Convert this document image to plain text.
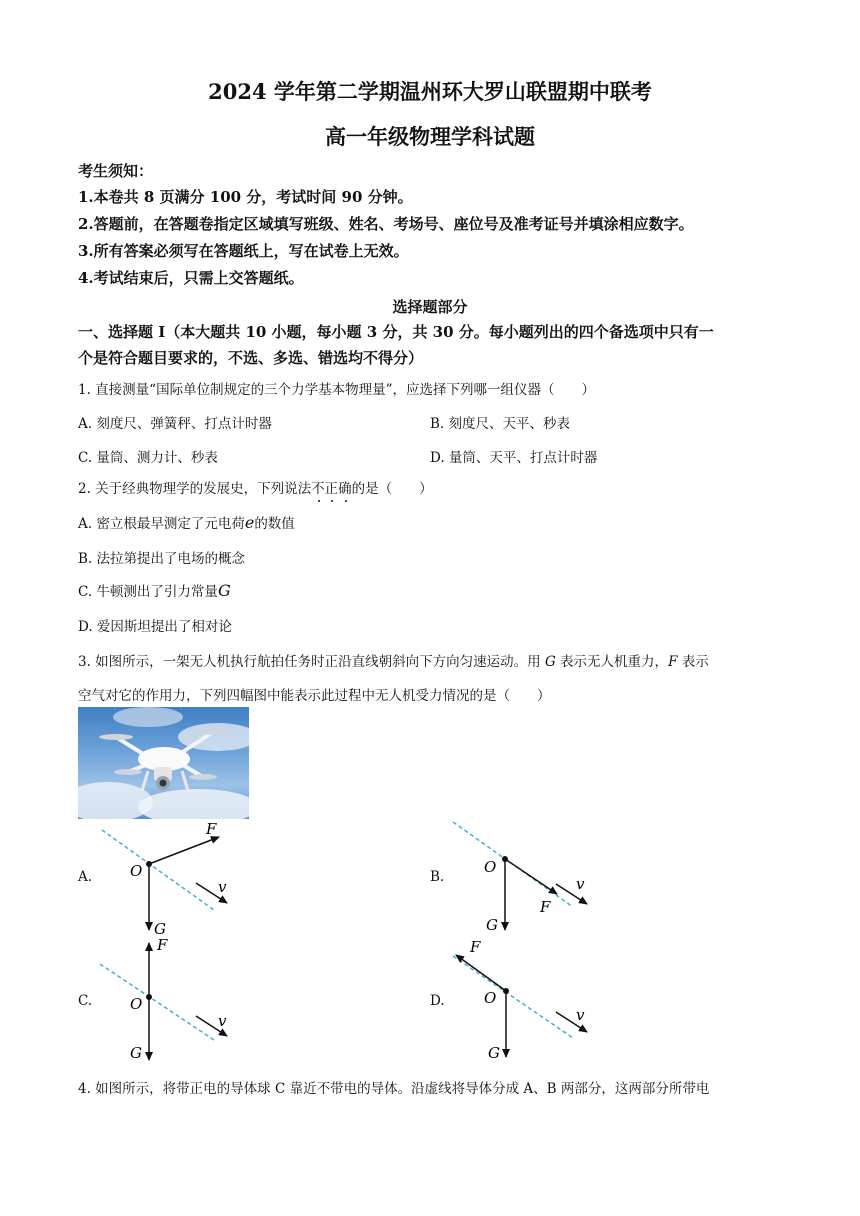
2024 学年第二学期温州环大罗山联盟期中联考
高一年级物理学科试题
考生须知：
1.本卷共 8 页满分 100 分，考试时间 90 分钟。
2.答题前，在答题卷指定区域填写班级、姓名、考场号、座位号及准考证号并填涂相应数字。
3.所有答案必须写在答题纸上，写在试卷上无效。
4.考试结束后，只需上交答题纸。
选择题部分
一、选择题 I（本大题共 10 小题，每小题 3 分，共 30 分。每小题列出的四个备选项中只有一
个是符合题目要求的，不选、多选、错选均不得分）
1. 直接测量“国际单位制规定的三个力学基本物理量”，应选择下列哪一组仪器（　　）
A. 刻度尺、弹簧秤、打点计时器	B. 刻度尺、天平、秒表
C. 量筒、测力计、秒表	D. 量筒、天平、打点计时器
2. 关于经典物理学的发展史，下列说法不正确的是（　　）
A. 密立根最早测定了元电荷e的数值
B. 法拉第提出了电场的概念
C. 牛顿测出了引力常量G
D. 爱因斯坦提出了相对论
3. 如图所示，一架无人机执行航拍任务时正沿直线朝斜向下方向匀速运动。用 G 表示无人机重力，F 表示
空气对它的作用力，下列四幅图中能表示此过程中无人机受力情况的是（　　）
A.	B.
C.	D.
F
O
G
v
O
F
G
v
F
O
G
v
F
O
G
v
4. 如图所示，将带正电的导体球 C 靠近不带电的导体。沿虚线将导体分成 A、B 两部分，这两部分所带电
